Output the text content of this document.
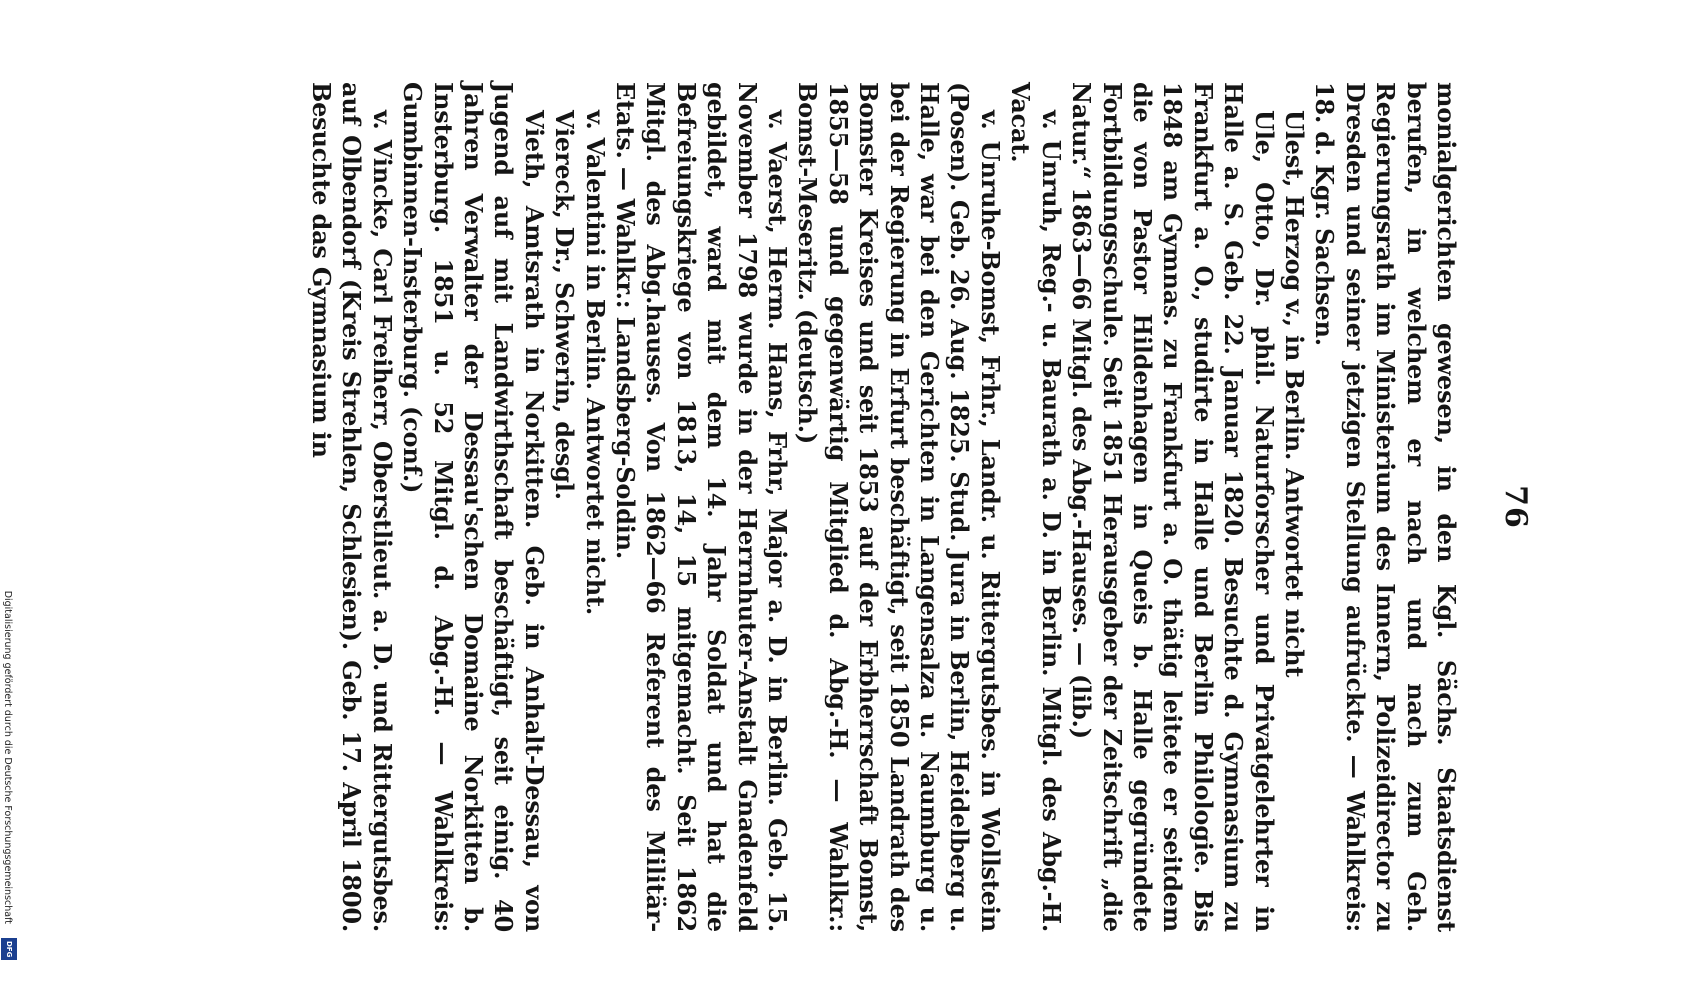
Digitalisierung gefördert durch die Deutsche Forschungsgemeinschaft
DFG
76

monialgerichten gewesen, in den Kgl. Sächs. Staatsdienst berufen, in welchem er nach und nach zum Geh. Regierungsrath im Ministerium des Innern, Polizeidirector zu Dresden und seiner jetzigen Stellung aufrückte. — Wahlkreis: 18. d. Kgr. Sachsen.

Ulest, Herzog v., in Berlin. Antwortet nicht

Ule, Otto, Dr. phil. Naturforscher und Privatgelehrter in Halle a. S. Geb. 22. Januar 1820. Besuchte d. Gymnasium zu Frankfurt a. O., studirte in Halle und Berlin Philologie. Bis 1848 am Gymnas. zu Frankfurt a. O. thätig leitete er seitdem die von Pastor Hildenhagen in Queis b. Halle gegründete Fortbildungsschule. Seit 1851 Herausgeber der Zeitschrift „die Natur.“ 1863—66 Mitgl. des Abg.-Hauses. — (lib.)

v. Unruh, Reg.- u. Baurath a. D. in Berlin. Mitgl. des Abg.-H. Vacat.

v. Unruhe-Bomst, Frhr., Landr. u. Rittergutsbes. in Wollstein (Posen). Geb. 26. Aug. 1825. Stud. Jura in Berlin, Heidelberg u. Halle, war bei den Gerichten in Langensalza u. Naumburg u. bei der Regierung in Erfurt beschäftigt, seit 1850 Landrath des Bomster Kreises und seit 1853 auf der Erbherrschaft Bomst, 1855—58 und gegenwärtig Mitglied d. Abg.-H. — Wahlkr.: Bomst-Meseritz. (deutsch.)

v. Vaerst, Herm. Hans, Frhr, Major a. D. in Berlin. Geb. 15. November 1798 wurde in der Herrnhuter-Anstalt Gnadenfeld gebildet, ward mit dem 14. Jahr Soldat und hat die Befreiungskriege von 1813, 14, 15 mitgemacht. Seit 1862 Mitgl. des Abg.hauses. Von 1862—66 Referent des Militär-Etats. — Wahlkr.: Landsberg-Soldin.

v. Valentini in Berlin. Antwortet nicht.

Viereck, Dr., Schwerin, desgl.

Vieth, Amtsrath in Norkitten. Geb. in Anhalt-Dessau, von Jugend auf mit Landwirthschaft beschäftigt, seit einig. 40 Jahren Verwalter der Dessau'schen Domaine Norkitten b. Insterburg. 1851 u. 52 Mitgl. d. Abg.-H. — Wahlkreis: Gumbinnen-Insterburg. (conf.)

v. Vincke, Carl Freiherr, Oberstlieut. a. D. und Rittergutsbes. auf Olbendorf (Kreis Strehlen, Schlesien). Geb. 17. April 1800. Besuchte das Gymnasium in
